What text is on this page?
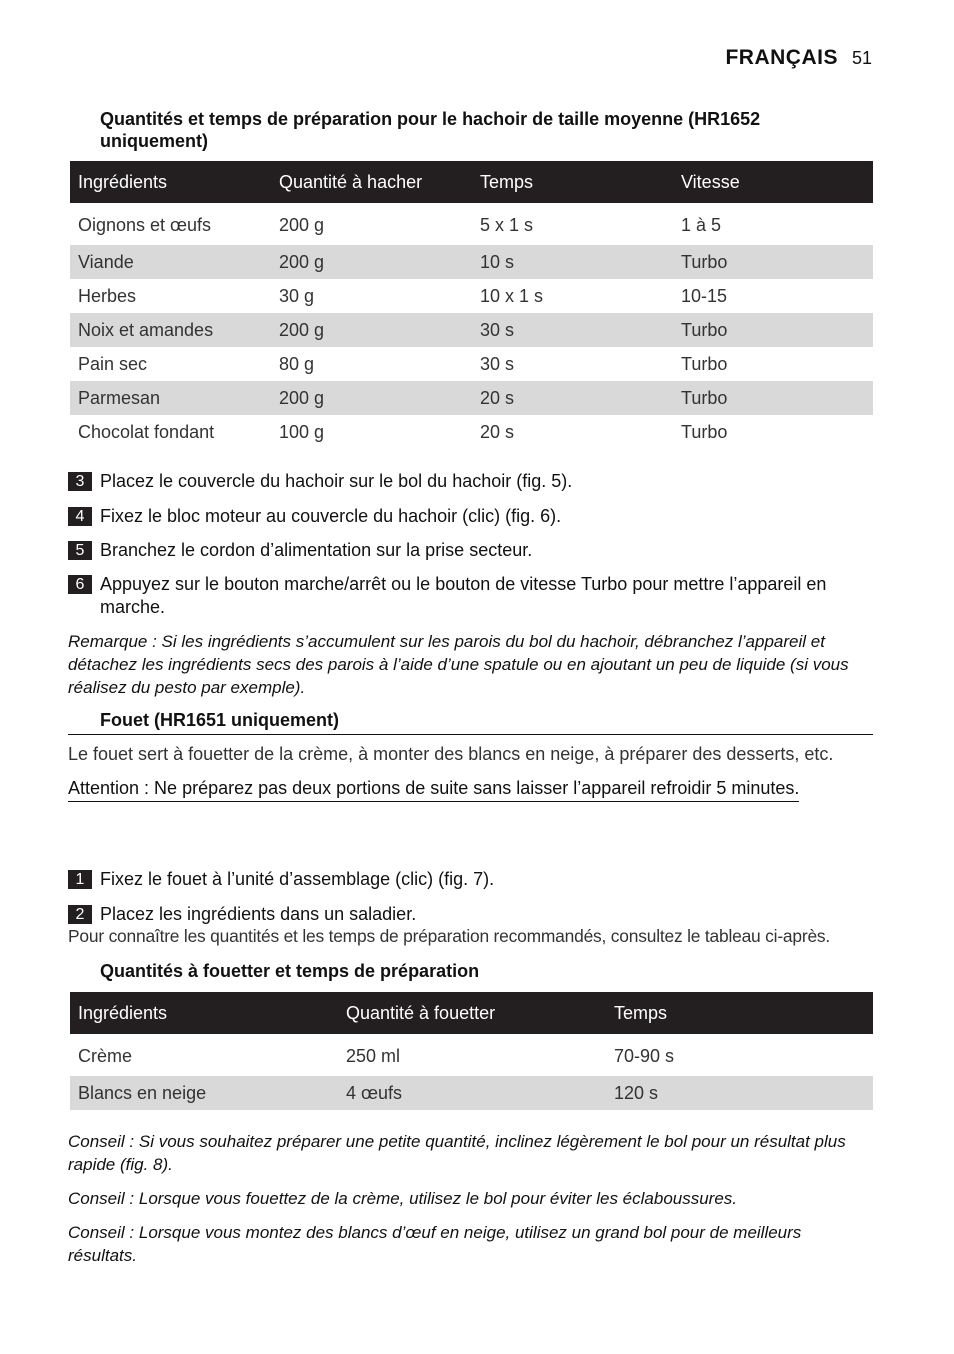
FRANÇAIS 51
Quantités et temps de préparation pour le hachoir de taille moyenne (HR1652 uniquement)
Ingrédients	Quantité à hacher	Temps	Vitesse
Oignons et œufs	200 g	5 x 1 s	1 à 5
Viande	200 g	10 s	Turbo
Herbes	30 g	10 x 1 s	10-15
Noix et amandes	200 g	30 s	Turbo
Pain sec	80 g	30 s	Turbo
Parmesan	200 g	20 s	Turbo
Chocolat fondant	100 g	20 s	Turbo
3 Placez le couvercle du hachoir sur le bol du hachoir (fig. 5).
4 Fixez le bloc moteur au couvercle du hachoir (clic) (fig. 6).
5 Branchez le cordon d’alimentation sur la prise secteur.
6 Appuyez sur le bouton marche/arrêt ou le bouton de vitesse Turbo pour mettre l’appareil en marche.
Remarque : Si les ingrédients s’accumulent sur les parois du bol du hachoir, débranchez l’appareil et détachez les ingrédients secs des parois à l’aide d’une spatule ou en ajoutant un peu de liquide (si vous réalisez du pesto par exemple).
Fouet (HR1651 uniquement)
Le fouet sert à fouetter de la crème, à monter des blancs en neige, à préparer des desserts, etc.
Attention : Ne préparez pas deux portions de suite sans laisser l’appareil refroidir 5 minutes.
1 Fixez le fouet à l’unité d’assemblage (clic) (fig. 7).
2 Placez les ingrédients dans un saladier.
Pour connaître les quantités et les temps de préparation recommandés, consultez le tableau ci-après.
Quantités à fouetter et temps de préparation
Ingrédients	Quantité à fouetter	Temps
Crème	250 ml	70-90 s
Blancs en neige	4 œufs	120 s
Conseil : Si vous souhaitez préparer une petite quantité, inclinez légèrement le bol pour un résultat plus rapide (fig. 8).
Conseil : Lorsque vous fouettez de la crème, utilisez le bol pour éviter les éclaboussures.
Conseil : Lorsque vous montez des blancs d’œuf en neige, utilisez un grand bol pour de meilleurs résultats.
